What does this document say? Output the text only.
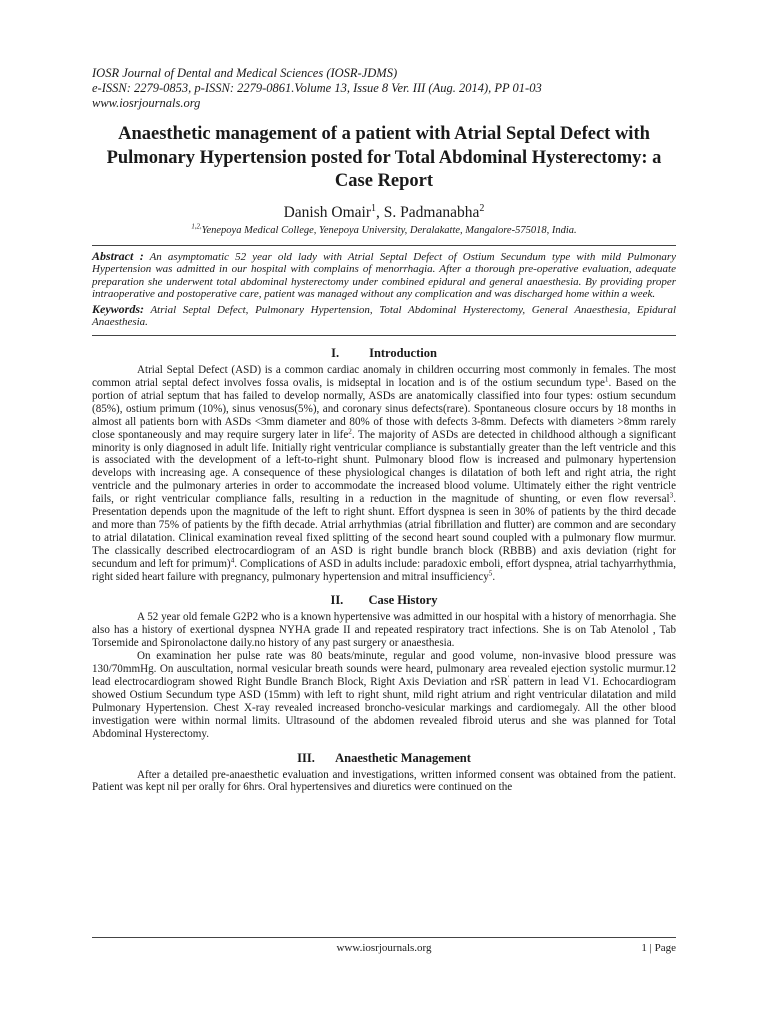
IOSR Journal of Dental and Medical Sciences (IOSR-JDMS)

e-ISSN: 2279-0853, p-ISSN: 2279-0861.Volume 13, Issue 8 Ver. III (Aug. 2014), PP 01-03

www.iosrjournals.org

Anaesthetic management of a patient with Atrial Septal Defect with Pulmonary Hypertension posted for Total Abdominal Hysterectomy: a Case Report

Danish Omair$^1$, S. Padmanabha$^2$

$^{1,2,}$Yenepoya Medical College, Yenepoya University, Deralakatte, Mangalore-575018, India.

Abstract : An asymptomatic 52 year old lady with Atrial Septal Defect of Ostium Secundum type with mild Pulmonary Hypertension was admitted in our hospital with complains of menorrhagia. After a thorough pre-operative evaluation, adequate preparation she underwent total abdominal hysterectomy under combined epidural and general anaesthesia. By providing proper intraoperative and postoperative care, patient was managed without any complication and was discharged home within a week.

Keywords: Atrial Septal Defect, Pulmonary Hypertension, Total Abdominal Hysterectomy, General Anaesthesia, Epidural Anaesthesia.

I. Introduction

Atrial Septal Defect (ASD) is a common cardiac anomaly in children occurring most commonly in females. The most common atrial septal defect involves fossa ovalis, is midseptal in location and is of the ostium secundum type$^1$. Based on the portion of atrial septum that has failed to develop normally, ASDs are anatomically classified into four types: ostium secundum (85%), ostium primum (10%), sinus venosus(5%), and coronary sinus defects(rare). Spontaneous closure occurs by 18 months in almost all patients born with ASDs <3mm diameter and 80% of those with defects 3-8mm. Defects with diameters >8mm rarely close spontaneously and may require surgery later in life$^2$. The majority of ASDs are detected in childhood although a significant minority is only diagnosed in adult life. Initially right ventricular compliance is substantially greater than the left ventricle and this is associated with the development of a left-to-right shunt. Pulmonary blood flow is increased and pulmonary hypertension develops with increasing age. A consequence of these physiological changes is dilatation of both left and right atria, the right ventricle and the pulmonary arteries in order to accommodate the increased blood volume. Ultimately either the right ventricle fails, or right ventricular compliance falls, resulting in a reduction in the magnitude of shunting, or even flow reversal$^3$. Presentation depends upon the magnitude of the left to right shunt. Effort dyspnea is seen in 30% of patients by the third decade and more than 75% of patients by the fifth decade. Atrial arrhythmias (atrial fibrillation and flutter) are common and are secondary to atrial dilatation. Clinical examination reveal fixed splitting of the second heart sound coupled with a pulmonary flow murmur. The classically described electrocardiogram of an ASD is right bundle branch block (RBBB) and axis deviation (right for secundum and left for primum)$^4$. Complications of ASD in adults include: paradoxic emboli, effort dyspnea, atrial tachyarrhythmia, right sided heart failure with pregnancy, pulmonary hypertension and mitral insufficiency$^5$.

II. Case History

A 52 year old female G2P2 who is a known hypertensive was admitted in our hospital with a history of menorrhagia. She also has a history of exertional dyspnea NYHA grade II and repeated respiratory tract infections. She is on Tab Atenolol , Tab Torsemide and Spironolactone daily.no history of any past surgery or anaesthesia.

On examination her pulse rate was 80 beats/minute, regular and good volume, non-invasive blood pressure was 130/70mmHg. On auscultation, normal vesicular breath sounds were heard, pulmonary area revealed ejection systolic murmur.12 lead electrocardiogram showed Right Bundle Branch Block, Right Axis Deviation and rSR' pattern in lead V1. Echocardiogram showed Ostium Secundum type ASD (15mm) with left to right shunt, mild right atrium and right ventricular dilatation and mild Pulmonary Hypertension. Chest X-ray revealed increased broncho-vesicular markings and cardiomegaly. All the other blood investigation were within normal limits. Ultrasound of the abdomen revealed fibroid uterus and she was planned for Total Abdominal Hysterectomy.

III. Anaesthetic Management

After a detailed pre-anaesthetic evaluation and investigations, written informed consent was obtained from the patient. Patient was kept nil per orally for 6hrs. Oral hypertensives and diuretics were continued on the

www.iosrjournals.org	1 | Page
